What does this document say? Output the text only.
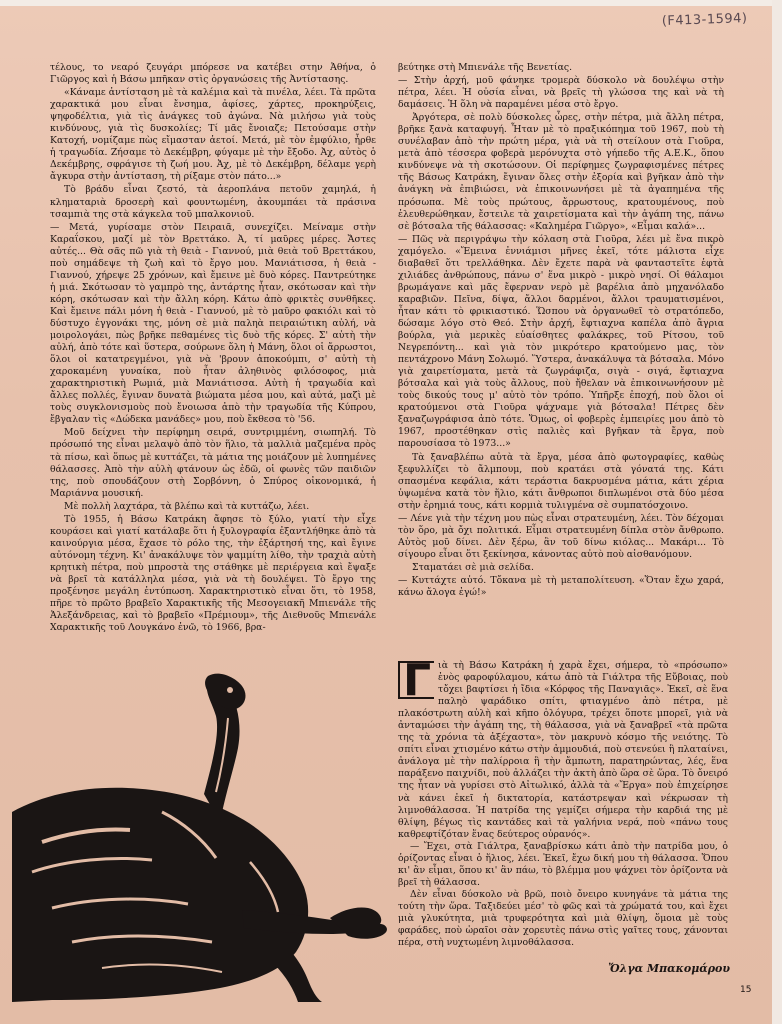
(F413-1594)

τέλους, το νεαρό ζευγάρι μπόρεσε να κατέβει στην Ἀθήνα, ὁ Γιῶργος καὶ ἡ Βάσω μπῆκαν στὶς ὀργανώσεις τῆς Ἀντίστασης.

«Κάναμε ἀντίσταση μὲ τὰ καλέμια καὶ τὰ πινέλα, λέει. Τὰ πρῶτα χαρακτικά μου εἶναι ἔνσημα, ἀφίσες, χάρτες, προκηρύξεις, ψηφοδέλτια, γιὰ τὶς ἀνάγκες τοῦ ἀγώνα. Νὰ μιλήσω γιὰ τοὺς κινδύνους, γιὰ τὶς δυσκολίες; Τί μᾶς ἔνοιαζε; Πετούσαμε στὴν Κατοχή, νομίζαμε πὼς εἴμασταν ἀετοί. Μετά, μὲ τὸν ἐμφύλιο, ἦρθε ἡ τραγωδία. Ζήσαμε τὸ Δεκέμβρη, φύγαμε μὲ τὴν ἔξοδο. Ἀχ, αὐτὸς ὁ Δεκέμβρης, σφράγισε τὴ ζωή μου. Ἀχ, μὲ τὸ Δεκέμβρη, δέλαμε γερὴ ἄγκυρα στὴν ἀντίσταση, τὴ ρίξαμε στὸν πάτο...»

Τὸ βράδυ εἶναι ζεστό, τὰ ἀεροπλάνα πετοῦν χαμηλά, ἡ κληματαριὰ δροσερὴ καὶ φουντωμένη, ἀκουμπάει τὰ πράσινα τσαμπιὰ της στὰ κάγκελα τοῦ μπαλκονιοῦ.

— Μετά, γυρίσαμε στὸν Πειραιᾶ, συνεχίζει. Μείναμε στὴν Καραΐσκου, μαζί μὲ τὸν Βρεττάκο. Ἀ, τί μαῦρες μέρες. Ἄστες αὐτές... Θὰ σᾶς πῶ γιὰ τὴ θειὰ - Γιαννού, μιὰ θειὰ τοῦ Βρεττάκου, ποὺ σημάδεψε τὴ ζωὴ καὶ τὸ ἔργο μου. Μανιάτισσα, ἡ θειὰ - Γιαννού, χήρεψε 25 χρόνων, καὶ ἔμεινε μὲ δυὸ κόρες. Παντρεύτηκε ἡ μιά. Σκότωσαν τὸ γαμπρὸ της, ἀντάρτης ἦταν, σκότωσαν καὶ τὴν κόρη, σκότωσαν καὶ τὴν ἄλλη κόρη. Κάτω ἀπὸ φρικτὲς συνθῆκες. Καὶ ἔμεινε πάλι μόνη ἡ θειὰ - Γιαννού, μὲ τὸ μαῦρο φακιόλι καὶ τὸ δύστυχο ἐγγονάκι της, μόνη σὲ μιὰ παληὰ πειραιώτικη αὐλή, νὰ μοιρολογάει, πὼς βρῆκε πεθαμένες τὶς δυὸ τῆς κόρες. Σ' αὐτὴ τὴν αὐλή, ἀπὸ τότε καὶ ὕστερα, σούρωνε ὅλη ἡ Μάνη, ὅλοι οἱ ἄρρωστοι, ὅλοι οἱ κατατρεγμένοι, γιὰ νὰ 'βρουν ἀποκούμπι, σ' αὐτὴ τὴ χαροκαμένη γυναίκα, ποὺ ἦταν ἀληθινὸς φιλόσοφος, μιὰ χαρακτηριστικὴ Ρωμιά, μιὰ Μανιάτισσα. Αὐτὴ ἡ τραγωδία καὶ ἄλλες πολλές, ἔγιναν δυνατὰ βιώματα μέσα μου, καὶ αὐτά, μαζὶ μὲ τοὺς συγκλονισμοὺς ποὺ ἔνοιωσα ἀπὸ τὴν τραγωδία τῆς Κύπρου, ἔβγαλαν τὶς «Δώδεκα μανάδες» μου, ποὺ ἔκθεσα τὸ '56.

Μοῦ δείχνει τὴν περίφημη σειρά, συντριμμένη, σιωπηλή. Τὸ πρόσωπό της εἶναι μελαψὸ ἀπὸ τὸν ἥλιο, τὰ μαλλιὰ μαζεμένα πρὸς τὰ πίσω, καὶ ὅπως μὲ κυττάζει, τὰ μάτια της μοιάζουν μὲ λυπημένες θάλασσες. Ἀπὸ τὴν αὐλὴ φτάνουν ὡς ἐδῶ, οἱ φωνὲς τῶν παιδιῶν της, ποὺ σπουδάζουν στὴ Σορβόννη, ὁ Σπύρος οἰκονομικά, ἡ Μαριάννα μουσική.

Μὲ πολλὴ λαχτάρα, τὰ βλέπω καὶ τὰ κυττάζω, λέει.

Τὸ 1955, ἡ Βάσω Κατράκη ἄφησε τὸ ξύλο, γιατί τὴν εἶχε κουράσει καὶ γιατί κατάλαβε ὅτι ἡ ξυλογραφία ἐξαντλήθηκε ἀπὸ τὰ καινούργια μέσα, ἔχασε τὸ ρόλο της, τὴν ἐξάρτησή της, καὶ ἔγινε αὐτόνομη τέχνη. Κι' ἀνακάλυψε τὸν ψαμμίτη λίθο, τὴν τραχιὰ αὐτὴ κρητικὴ πέτρα, ποὺ μπροστὰ της στάθηκε μὲ περιέργεια καὶ ἔψαξε νὰ βρεῖ τὰ κατάλληλα μέσα, γιὰ νὰ τὴ δουλέψει. Τὸ ἔργο της προξένησε μεγάλη ἐντύπωση. Χαρακτηριστικὸ εἶναι ὅτι, τὸ 1958, πῆρε τὸ πρῶτο βραβεῖο Χαρακτικῆς τῆς Μεσογειακῆ Μπιενάλε τῆς Ἀλεξάνδρειας, καὶ τὸ βραβεῖο «Πρέμιουμ», τῆς Διεθνοῦς Μπιενάλε Χαρακτικῆς τοῦ Λουγκάνο ἐνῶ, τὸ 1966, βρα-

βεύτηκε στὴ Μπιενάλε τῆς Βενετίας.

— Στὴν ἀρχή, μοῦ φάνηκε τρομερὰ δύσκολο νὰ δουλέψω στὴν πέτρα, λέει. Ἡ οὐσία εἶναι, νὰ βρεῖς τὴ γλώσσα της καὶ νὰ τὴ δαμάσεις. Ἡ ὅλη νὰ παραμένει μέσα στὸ ἔργο.

Ἀργότερα, σὲ πολὺ δύσκολες ὧρες, στὴν πέτρα, μιὰ ἄλλη πέτρα, βρῆκε ξανὰ καταφυγή. Ἦταν μὲ τὸ πραξικόπημα τοῦ 1967, ποὺ τὴ συνέλαβαν ἀπὸ τὴν πρώτη μέρα, γιὰ νὰ τὴ στείλουν στὰ Γιοῦρα, μετὰ ἀπὸ τέσσερα φοβερὰ μερόνυχτα στὸ γήπεδο τῆς Α.Ε.Κ., ὅπου κινδύνεψε νὰ τὴ σκοτώσουν. Οἱ περίφημες ζωγραφισμένες πέτρες τῆς Βάσως Κατράκη, ἔγιναν ὅλες στὴν ἐξορία καὶ βγῆκαν ἀπὸ τὴν ἀνάγκη νὰ ἐπιβιώσει, νὰ ἐπικοινωνήσει μὲ τὰ ἀγαπημένα τῆς πρόσωπα. Μὲ τοὺς πρώτους, ἄρρωστους, κρατουμένους, ποὺ ἐλευθερώθηκαν, ἔστειλε τὰ χαιρετίσματα καὶ τὴν ἀγάπη της, πάνω σὲ βότσαλα τῆς θάλασσας: «Καλημέρα Γιῶργο», «Εἶμαι καλά»...

— Πῶς νὰ περιγράψω τὴν κόλαση στὰ Γιοῦρα, λέει μὲ ἕνα πικρὸ χαμόγελο. «Ἔμεινα ἐννιάμισι μῆνες ἐκεῖ, τότε μάλιστα εἶχε διαβαθεῖ ὅτι τρελλάθηκα. Δὲν ἔχετε παρὰ νὰ φανταστεῖτε ἑφτὰ χιλιάδες ἀνθρώπους, πάνω σ' ἕνα μικρὸ - μικρὸ νησί. Οἱ θάλαμοι βρωμάγανε καὶ μᾶς ἔφερναν νερὸ μὲ βαρέλια ἀπὸ μηχανόλαδο καραβιῶν. Πεῖνα, δίψα, ἄλλοι δαρμένοι, ἄλλοι τραυματισμένοι, ἦταν κάτι τὸ φρικιαστικό. Ὥσπου νὰ ὀργανωθεῖ τὸ στρατόπεδο, δώσαμε λόγο στὸ Θεό. Στὴν ἀρχή, ἔφτιαχνα καπέλα ἀπὸ ἄγρια βούρλα, γιὰ μερικὲς εὐαίσθητες φαλάκρες, τοῦ Ρίτσου, τοῦ Νεγρεπόντη... καὶ γιὰ τὸν μικρότερο κρατούμενο μας, τὸν πεντάχρονο Μάνη Σολωμό. Ὕστερα, ἀνακάλυψα τὰ βότσαλα. Μόνο γιὰ χαιρετίσματα, μετὰ τὰ ζωγράφιζα, σιγὰ - σιγά, ἔφτιαχνα βότσαλα καὶ γιὰ τοὺς ἄλλους, ποὺ ἤθελαν νὰ ἐπικοινωνήσουν μὲ τοὺς δικούς τους μ' αὐτὸ τὸν τρόπο. Ὑπῆρξε ἐποχή, ποὺ ὅλοι οἱ κρατούμενοι στὰ Γιοῦρα ψάχναμε γιὰ βότσαλα! Πέτρες δὲν ξαναζωγράφισα ἀπὸ τότε. Ὅμως, οἱ φοβερὲς ἐμπειρίες μου ἀπὸ τὸ 1967, προστέθηκαν στὶς παλιὲς καὶ βγῆκαν τὰ ἔργα, ποὺ παρουσίασα τὸ 1973...»

Τὰ ξαναβλέπω αὐτὰ τὰ ἔργα, μέσα ἀπὸ φωτογραφίες, καθὼς ξεφυλλίζει τὸ ἄλμπουμ, ποὺ κρατάει στὰ γόνατά της. Κάτι σπασμένα κεφάλια, κάτι τεράστια δακρυσμένα μάτια, κάτι χέρια ὑψωμένα κατὰ τὸν ἥλιο, κάτι ἄνθρωποι διπλωμένοι στὰ δύο μέσα στὴν ἐρημιά τους, κάτι κορμιὰ τυλιγμένα σὲ συμπατόσχοινο.

— Λένε γιὰ τὴν τέχνη μου πὼς εἶναι στρατευμένη, λέει. Τὸν δέχομαι τὸν ὅρο, μὰ ὄχι πολιτικά. Εἶμαι στρατευμένη δίπλα στὸν ἄνθρωπο. Αὐτὸς μοῦ δίνει. Δὲν ξέρω, ἂν τοῦ δίνω κιόλας... Μακάρι... Τὸ σίγουρο εἶναι ὅτι ξεκίνησα, κάνοντας αὐτὸ ποὺ αἰσθανόμουν.

Σταματάει σὲ μιὰ σελίδα.

— Κυττάχτε αὐτό. Τὄκανα μὲ τὴ μεταπολίτευση. «Ὅταν ἔχω χαρά, κάνω ἄλογα ἐγώ!»

Γ ιὰ τὴ Βάσω Κατράκη ἡ χαρὰ ἔχει, σήμερα, τὸ «πρόσωπο» ἑνὸς φαροφύλαμου, κάτω ἀπὸ τὰ Γιάλτρα τῆς Εὔβοιας, ποὺ τὄχει βαφτίσει ἡ ἴδια «Κόρφος τῆς Παναγιᾶς». Ἐκεῖ, σὲ ἕνα παληὸ ψαράδικο σπίτι, φτιαγμένο ἀπὸ πέτρα, μὲ πλακόστρωτη αὐλὴ καὶ κῆπο ὁλόγυρα, τρέχει ὅποτε μπορεῖ, γιὰ νὰ ἀνταμώσει τὴν ἀγάπη της, τὴ θάλασσα, γιὰ νὰ ξαναβρεῖ «τὰ πρῶτα της τὰ χρόνια τὰ ἀξέχαστα», τὸν μακρυνὸ κόσμο τῆς νειότης. Τὸ σπίτι εἶναι χτισμένο κάτω στὴν ἀμμουδιά, ποὺ στενεύει ἢ πλαταίνει, ἀνάλογα μὲ τὴν παλίρροια ἢ τὴν ἄμπωτη, παρατηρώντας, λές, ἕνα παράξενο παιχνίδι, ποὺ ἀλλάζει τὴν ἀκτὴ ἀπὸ ὥρα σὲ ὥρα. Τὸ ὄνειρό της ἦταν νὰ γυρίσει στὸ Αἰτωλικό, ἀλλὰ τὰ «Ἔργα» ποὺ ἐπιχείρησε νὰ κάνει ἐκεῖ ἡ δικτατορία, κατάστρεψαν καὶ νέκρωσαν τὴ λιμνοθάλασσα. Ἡ πατρίδα της γεμίζει σήμερα τὴν καρδιά της μὲ θλίψη, βέγως τὶς καντάδες καὶ τὰ γαλήνια νερά, ποὺ «πάνω τους καθρεφτίζόταν ἕνας δεύτερος οὐρανός».

— Ἔχει, στὰ Γιάλτρα, ξαναβρίσκω κάτι ἀπὸ τὴν πατρίδα μου, ὁ ὁρίζοντας εἶναι ὁ ἥλιος, λέει. Ἐκεῖ, ἔχω δική μου τὴ θάλασσα. Ὅπου κι' ἂν εἶμαι, ὅπου κι' ἂν πάω, τὸ βλέμμα μου ψάχνει τὸν ὁρίζοντα νὰ βρεῖ τὴ θάλασσα.

Δὲν εἶναι δύσκολο νὰ βρῶ, ποιὸ ὄνειρο κυνηγάνε τὰ μάτια της τούτη τὴν ὥρα. Ταξιδεύει μέσ' τὸ φῶς καὶ τὰ χρώματά του, καὶ ἔχει μιὰ γλυκύτητα, μιὰ τρυφερότητα καὶ μιὰ θλίψη, ὅμοια μὲ τοὺς φαράδες, ποὺ ὡραῖοι σὰν χορευτὲς πάνω στὶς γαῖτες τους, χάνονται πέρα, στὴ νυχτωμένη λιμνοθάλασσα.

Ὄλγα Μπακομάρου
15
